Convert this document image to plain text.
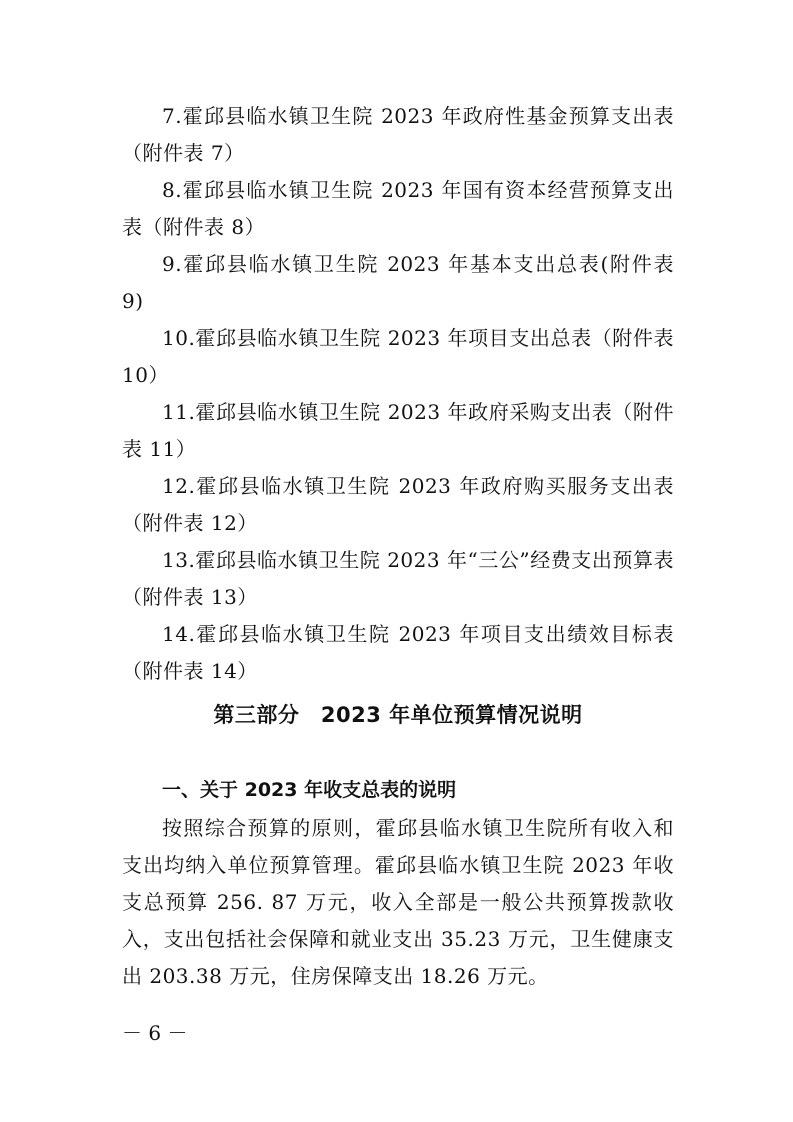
7.霍邱县临水镇卫生院 2023 年政府性基金预算支出表（附件表 7）

8.霍邱县临水镇卫生院 2023 年国有资本经营预算支出表（附件表 8）

9.霍邱县临水镇卫生院 2023 年基本支出总表(附件表 9)

10.霍邱县临水镇卫生院 2023 年项目支出总表（附件表 10）

11.霍邱县临水镇卫生院 2023 年政府采购支出表（附件表 11）

12.霍邱县临水镇卫生院 2023 年政府购买服务支出表（附件表 12）

13.霍邱县临水镇卫生院 2023 年“三公”经费支出预算表（附件表 13）

14.霍邱县临水镇卫生院 2023 年项目支出绩效目标表（附件表 14）

第三部分　2023 年单位预算情况说明
一、关于 2023 年收支总表的说明

按照综合预算的原则，霍邱县临水镇卫生院所有收入和支出均纳入单位预算管理。霍邱县临水镇卫生院 2023 年收支总预算 256. 87 万元，收入全部是一般公共预算拨款收入，支出包括社会保障和就业支出 35.23 万元，卫生健康支出 203.38 万元，住房保障支出 18.26 万元。

－ 6 －
